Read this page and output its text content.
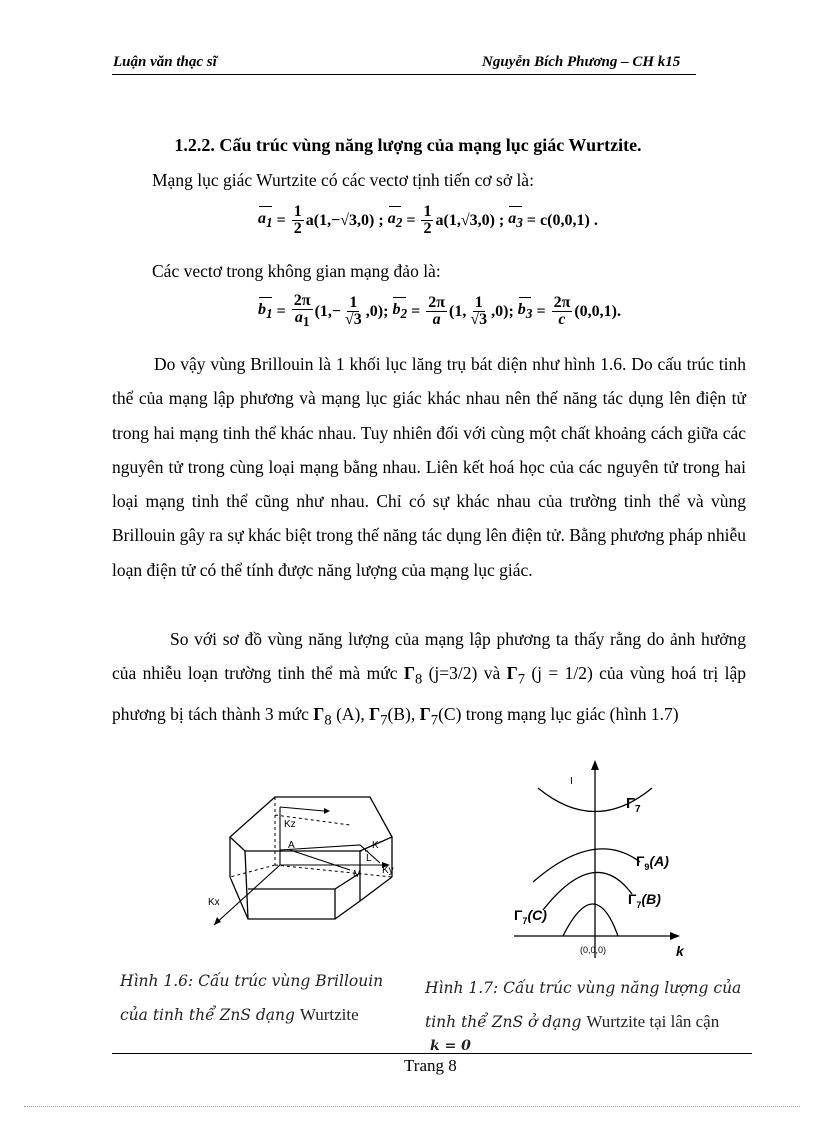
Luận văn thạc sĩ	Nguyễn Bích Phương – CH k15
1.2.2. Cấu trúc vùng năng lượng của mạng lục giác Wurtzite.
Mạng lục giác Wurtzite có các vectơ tịnh tiến cơ sở là:
$a_1 = \frac{1}{2} a(1,-√3,0)$ ; $a_2 = \frac{1}{2} a(1,√3,0)$ ; $a_3 = c(0,0,1)$ .
Các vectơ trong không gian mạng đảo là:
$b_1 = \frac{2\pi}{a_1} (1,- \frac{1}{√3} ,0)$;
$b_2 = \frac{2\pi}{a} (1$, $\frac{1}{√3} ,0$);
$b_3 = \frac{2\pi}{c} (0,0,1)$.

Do vậy vùng Brillouin là 1 khối lục lăng trụ bát diện như hình 1.6. Do cấu trúc tinh thể của mạng lập phương và mạng lục giác khác nhau nên thế năng tác dụng lên điện tử trong hai mạng tinh thể khác nhau. Tuy nhiên đối với cùng một chất khoảng cách giữa các nguyên tử trong cùng loại mạng bằng nhau. Liên kết hoá học của các nguyên tử trong hai loại mạng tinh thể cũng như nhau. Chỉ có sự khác nhau của trường tinh thể và vùng Brillouin gây ra sự khác biệt trong thế năng tác dụng lên điện tử. Bằng phương pháp nhiễu loạn điện tử có thể tính được năng lượng của mạng lục giác.

So với sơ đồ vùng năng lượng của mạng lập phương ta thấy rằng do ảnh hưởng của nhiễu loạn trường tinh thể mà mức $\Gamma_8$ (j=3/2) và $\Gamma_7$ (j = 1/2) của vùng hoá trị lập phương bị tách thành 3 mức $\Gamma_8$ (A), $\Gamma_7(B)$, $\Gamma_7(C)$ trong mạng lục giác (hình 1.7)

Kz
K
A
L
M Ky
Kx
Hình 1.6: Cấu trúc vùng Brillouin của tinh thể ZnS dạng Wurtzite
I
$\Gamma_7$
$\Gamma_9(A)$
$\Gamma_7(B)$
$\Gamma_7(C)$
(0,0,0)	k
Hình 1.7: Cấu trúc vùng năng lượng của tinh thể ZnS ở dạng Wurtzite tại lân cận
k = 0
Trang 8
